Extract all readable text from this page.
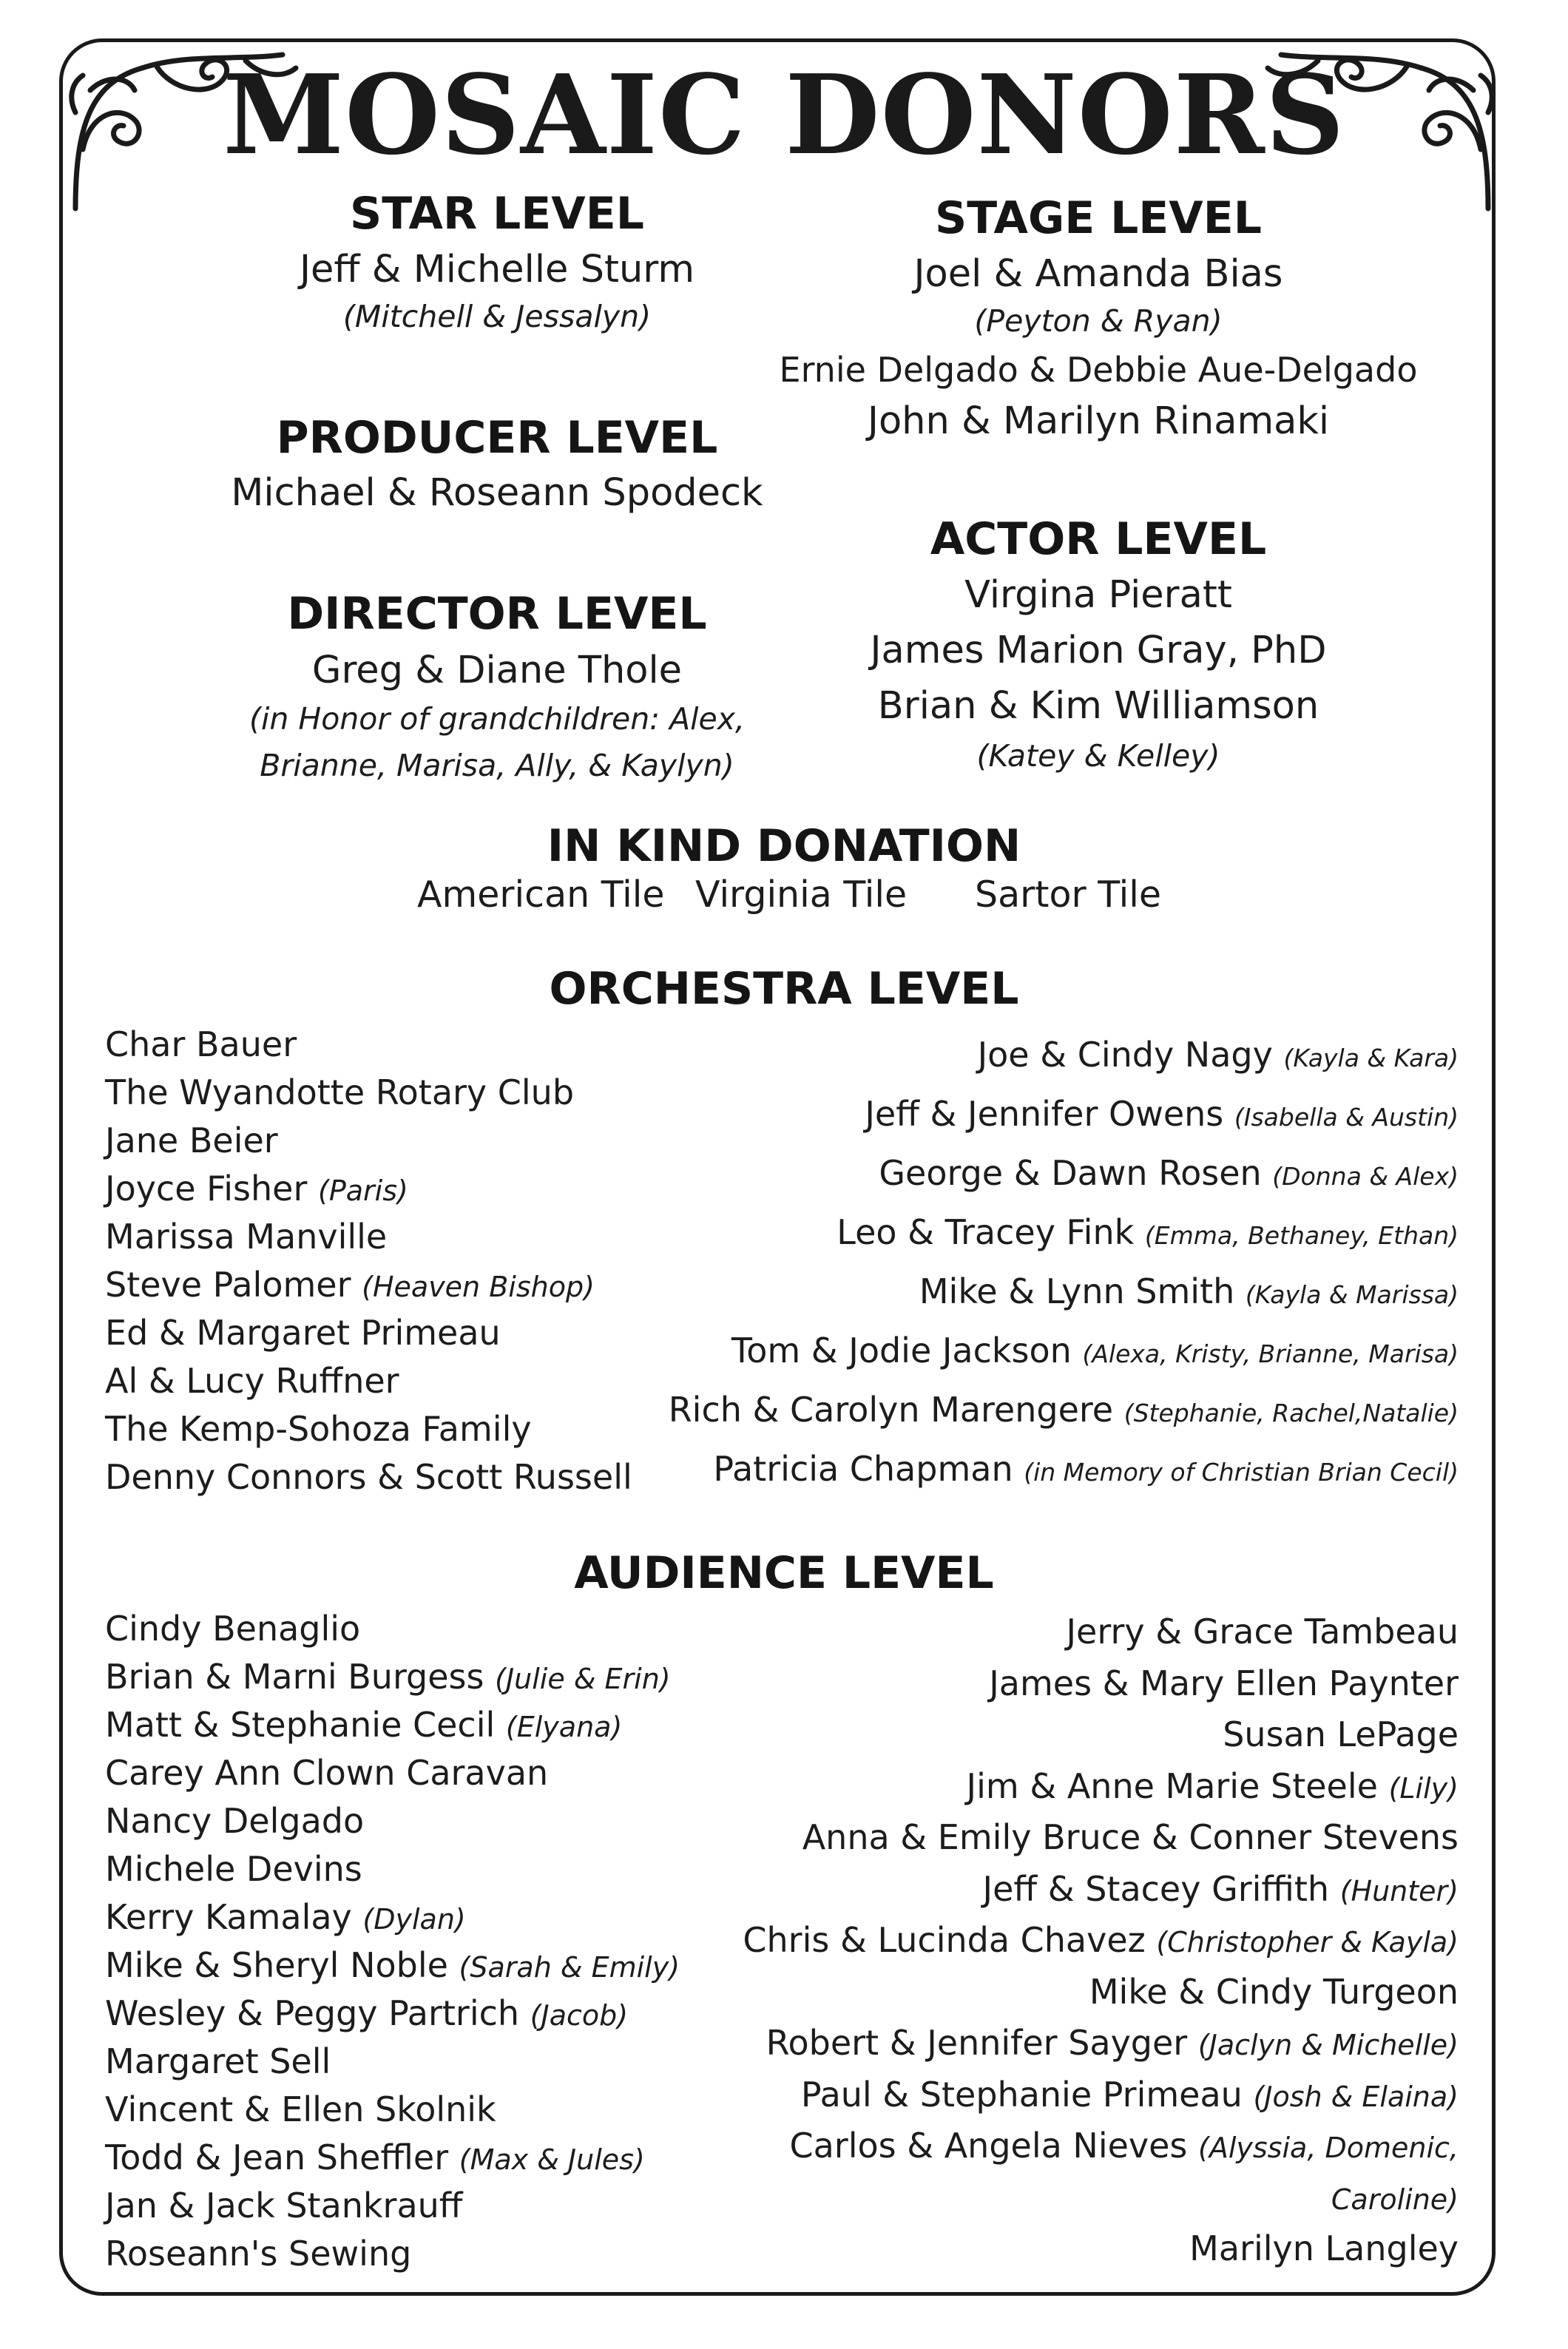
MOSAIC DONORS
STAR LEVEL
Jeff & Michelle Sturm
(Mitchell & Jessalyn)
STAGE LEVEL
Joel & Amanda Bias
(Peyton & Ryan)
Ernie Delgado & Debbie Aue-Delgado
John & Marilyn Rinamaki
PRODUCER LEVEL
Michael & Roseann Spodeck
ACTOR LEVEL
Virgina Pieratt
James Marion Gray, PhD
Brian & Kim Williamson
(Katey & Kelley)
DIRECTOR LEVEL
Greg & Diane Thole
(in Honor of grandchildren: Alex,
Brianne, Marisa, Ally, & Kaylyn)
IN KIND DONATION
American Tile Virginia Tile Sartor Tile
ORCHESTRA LEVEL
Char Bauer
The Wyandotte Rotary Club
Jane Beier
Joyce Fisher (Paris)
Marissa Manville
Steve Palomer (Heaven Bishop)
Ed & Margaret Primeau
Al & Lucy Ruffner
The Kemp-Sohoza Family
Denny Connors & Scott Russell
Joe & Cindy Nagy (Kayla & Kara)
Jeff & Jennifer Owens (Isabella & Austin)
George & Dawn Rosen (Donna & Alex)
Leo & Tracey Fink (Emma, Bethaney, Ethan)
Mike & Lynn Smith (Kayla & Marissa)
Tom & Jodie Jackson (Alexa, Kristy, Brianne, Marisa)
Rich & Carolyn Marengere (Stephanie, Rachel,Natalie)
Patricia Chapman (in Memory of Christian Brian Cecil)
AUDIENCE LEVEL
Cindy Benaglio
Brian & Marni Burgess (Julie & Erin)
Matt & Stephanie Cecil (Elyana)
Carey Ann Clown Caravan
Nancy Delgado
Michele Devins
Kerry Kamalay (Dylan)
Mike & Sheryl Noble (Sarah & Emily)
Wesley & Peggy Partrich (Jacob)
Margaret Sell
Vincent & Ellen Skolnik
Todd & Jean Sheffler (Max & Jules)
Jan & Jack Stankrauff
Roseann's Sewing
Jerry & Grace Tambeau
James & Mary Ellen Paynter
Susan LePage
Jim & Anne Marie Steele (Lily)
Anna & Emily Bruce & Conner Stevens
Jeff & Stacey Griffith (Hunter)
Chris & Lucinda Chavez (Christopher & Kayla)
Mike & Cindy Turgeon
Robert & Jennifer Sayger (Jaclyn & Michelle)
Paul & Stephanie Primeau (Josh & Elaina)
Carlos & Angela Nieves (Alyssia, Domenic,
Caroline)
Marilyn Langley
